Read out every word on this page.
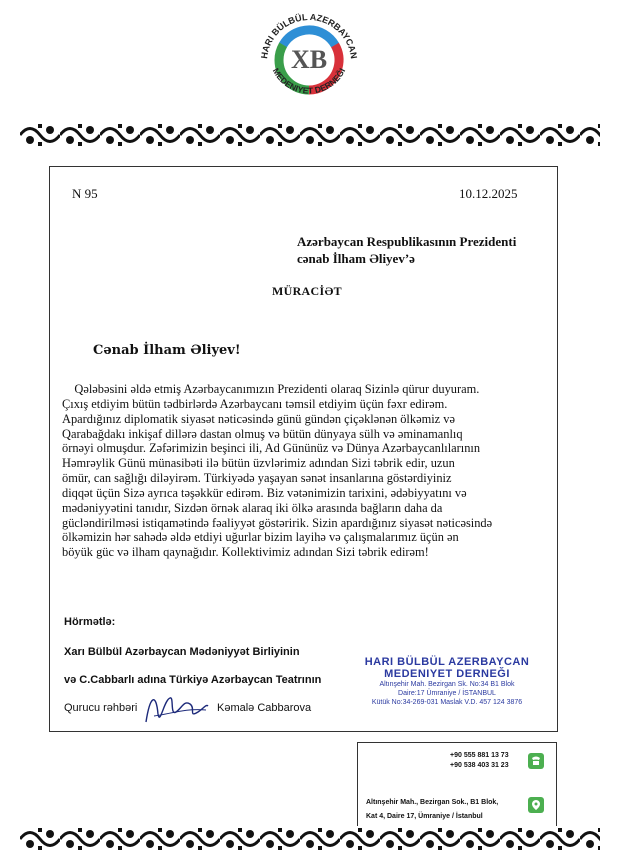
XB
HARI BÜLBÜL AZERBAYCAN
MEDENIYET DERNEĞI
N 95	10.12.2025
Azərbaycan Respublikasının Prezidenti
cənab İlham Əliyev’ə
MÜRACİƏT
Cənab İlham Əliyev!
Qələbəsini əldə etmiş Azərbaycanımızın Prezidenti olaraq Sizinlə qürur duyuram.
Çıxış etdiyim bütün tədbirlərdə Azərbaycanı təmsil etdiyim üçün fəxr edirəm.
Apardığınız diplomatik siyasət nəticəsində günü gündən çiçəklənən ölkəmiz və
Qarabağdakı inkişaf dillərə dastan olmuş və bütün dünyaya sülh və əminamanlıq
örnəyi olmuşdur. Zəfərimizin beşinci ili, Ad Gününüz və Dünya Azərbaycanlılarının
Həmrəylik Günü münasibəti ilə bütün üzvlərimiz adından Sizi təbrik edir, uzun
ömür, can sağlığı diləyirəm. Türkiyədə yaşayan sənət insanlarına göstərdiyiniz
diqqət üçün Sizə ayrıca təşəkkür edirəm. Biz vətənimizin tarixini, ədəbiyyatını və
mədəniyyətini tanıdır, Sizdən örnək alaraq iki ölkə arasında bağların daha da
gücləndirilməsi istiqamətində fəaliyyət göstəririk. Sizin apardığınız siyasət nəticəsində
ölkəmizin hər sahədə əldə etdiyi uğurlar bizim layihə və çalışmalarımız üçün ən
böyük güc və ilham qaynağıdır. Kollektivimiz adından Sizi təbrik edirəm!
Hörmətlə:
Xarı Bülbül Azərbaycan Mədəniyyət Birliyinin
və C.Cabbarlı adına Türkiyə Azərbaycan Teatrının
Qurucu rəhbəri	Kəmalə Cabbarova
HARI BÜLBÜL AZERBAYCAN
MEDENIYET DERNEĞI
Altınşehir Mah. Bezirgan Sk. No:34 B1 Blok
Daire:17 Ümraniye / İSTANBUL
Kütük No:34-269-031 Maslak V.D. 457 124 3876
+90 555 881 13 73
+90 538 403 31 23
Altınşehir Mah., Bezirgan Sok., B1 Blok,
Kat 4, Daire 17, Ümraniye / İstanbul
